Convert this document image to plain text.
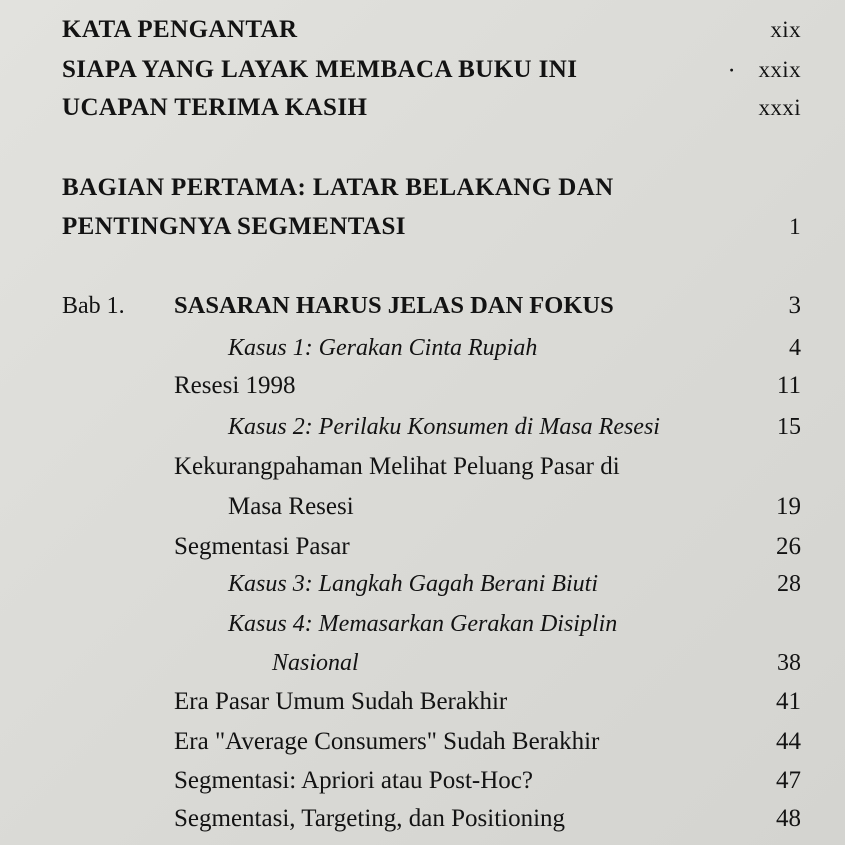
KATA PENGANTAR	xix
SIAPA YANG LAYAK MEMBACA BUKU INI	· xxix
UCAPAN TERIMA KASIH	xxxi
BAGIAN PERTAMA: LATAR BELAKANG DAN
PENTINGNYA SEGMENTASI	1
Bab 1. SASARAN HARUS JELAS DAN FOKUS	3
Kasus 1: Gerakan Cinta Rupiah	4
Resesi 1998	11
Kasus 2: Perilaku Konsumen di Masa Resesi	15
Kekurangpahaman Melihat Peluang Pasar di
Masa Resesi	19
Segmentasi Pasar	26
Kasus 3: Langkah Gagah Berani Biuti	28
Kasus 4: Memasarkan Gerakan Disiplin
Nasional	38
Era Pasar Umum Sudah Berakhir	41
Era "Average Consumers" Sudah Berakhir	44
Segmentasi: Apriori atau Post-Hoc?	47
Segmentasi, Targeting, dan Positioning	48
